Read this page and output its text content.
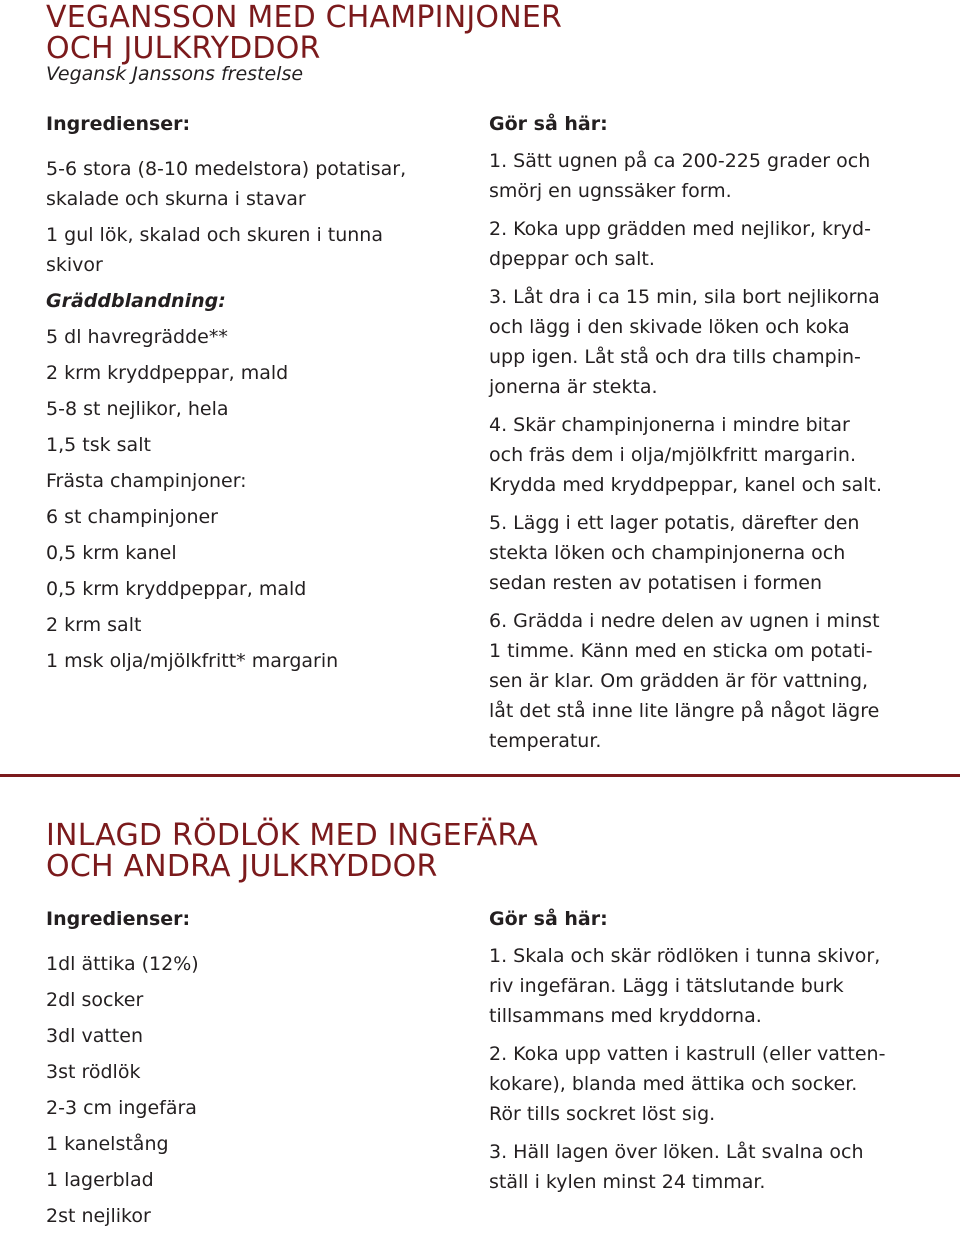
VEGANSSON MED CHAMPINJONER
OCH JULKRYDDOR

Vegansk Janssons frestelse

Ingredienser:
5-6 stora (8-10 medelstora) potatisar, skalade och skurna i stavar
1 gul lök, skalad och skuren i tunna skivor
Gräddblandning:
5 dl havregrädde**
2 krm kryddpeppar, mald
5-8 st nejlikor, hela
1,5 tsk salt
Frästa champinjoner:
6 st champinjoner
0,5 krm kanel
0,5 krm kryddpeppar, mald
2 krm salt
1 msk olja/mjölkfritt* margarin
Gör så här:

1. Sätt ugnen på ca 200-225 grader och
smörj en ugnssäker form.

2. Koka upp grädden med nejlikor, kryd-
dpeppar och salt.

3. Låt dra i ca 15 min, sila bort nejlikorna
och lägg i den skivade löken och koka
upp igen. Låt stå och dra tills champin-
jonerna är stekta.

4. Skär champinjonerna i mindre bitar
och fräs dem i olja/mjölkfritt margarin.
Krydda med kryddpeppar, kanel och salt.

5. Lägg i ett lager potatis, därefter den
stekta löken och champinjonerna och
sedan resten av potatisen i formen

6. Grädda i nedre delen av ugnen i minst
1 timme. Känn med en sticka om potati-
sen är klar. Om grädden är för vattning,
låt det stå inne lite längre på något lägre
temperatur.

INLAGD RÖDLÖK MED INGEFÄRA
OCH ANDRA JULKRYDDOR
Ingredienser:
1dl ättika (12%)
2dl socker
3dl vatten
3st rödlök
2-3 cm ingefära
1 kanelstång
1 lagerblad
2st nejlikor
Gör så här:

1. Skala och skär rödlöken i tunna skivor,
riv ingefäran. Lägg i tätslutande burk
tillsammans med kryddorna.

2. Koka upp vatten i kastrull (eller vatten-
kokare), blanda med ättika och socker.
Rör tills sockret löst sig.

3. Häll lagen över löken. Låt svalna och
ställ i kylen minst 24 timmar.
